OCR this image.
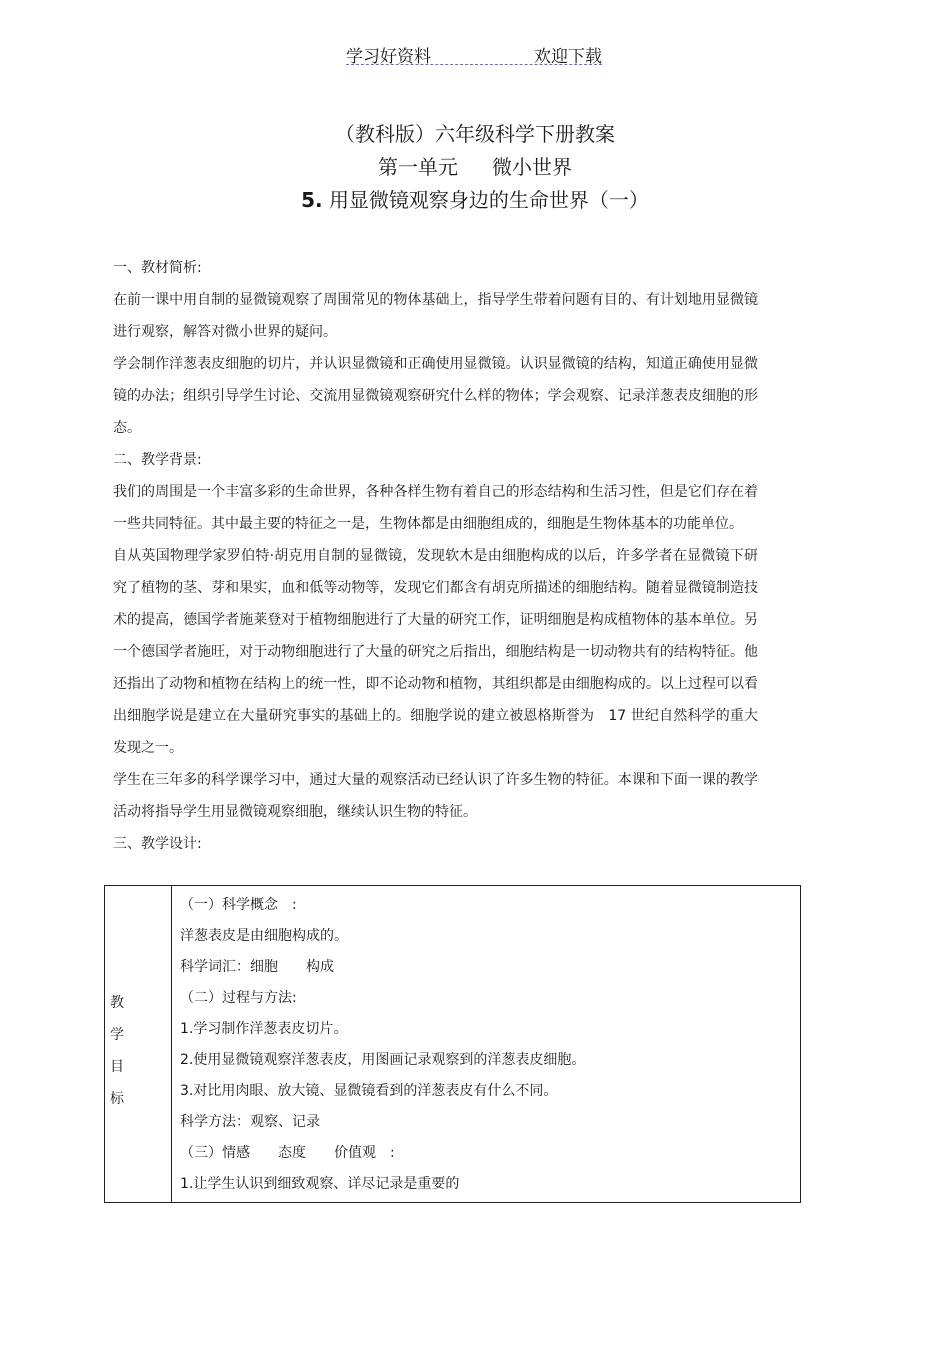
学习好资料	欢迎下载
（教科版）六年级科学下册教案
第一单元 微小世界
5. 用显微镜观察身边的生命世界（一）

一、教材简析:

在前一课中用自制的显微镜观察了周围常见的物体基础上，指导学生带着问题有目的、有计划地用显微镜进行观察，解答对微小世界的疑问。

学会制作洋葱表皮细胞的切片，并认识显微镜和正确使用显微镜。认识显微镜的结构，知道正确使用显微镜的办法；组织引导学生讨论、交流用显微镜观察研究什么样的物体；学会观察、记录洋葱表皮细胞的形态。

二、教学背景:

我们的周围是一个丰富多彩的生命世界，各种各样生物有着自己的形态结构和生活习性，但是它们存在着一些共同特征。其中最主要的特征之一是，生物体都是由细胞组成的，细胞是生物体基本的功能单位。

自从英国物理学家罗伯特·胡克用自制的显微镜，发现软木是由细胞构成的以后，许多学者在显微镜下研究了植物的茎、芽和果实，血和低等动物等，发现它们都含有胡克所描述的细胞结构。随着显微镜制造技术的提高，德国学者施莱登对于植物细胞进行了大量的研究工作，证明细胞是构成植物体的基本单位。另一个德国学者施旺，对于动物细胞进行了大量的研究之后指出，细胞结构是一切动物共有的结构特征。他还指出了动物和植物在结构上的统一性，即不论动物和植物，其组织都是由细胞构成的。以上过程可以看出细胞学说是建立在大量研究事实的基础上的。细胞学说的建立被恩格斯誉为　17 世纪自然科学的重大发现之一。

学生在三年多的科学课学习中，通过大量的观察活动已经认识了许多生物的特征。本课和下面一课的教学活动将指导学生用显微镜观察细胞，继续认识生物的特征。

三、教学设计:

教
学
目
标
（一）科学概念　:
洋葱表皮是由细胞构成的。
科学词汇：细胞　　构成
（二）过程与方法:
1.学习制作洋葱表皮切片。
2.使用显微镜观察洋葱表皮，用图画记录观察到的洋葱表皮细胞。
3.对比用肉眼、放大镜、显微镜看到的洋葱表皮有什么不同。
科学方法：观察、记录
（三）情感　　态度　　价值观　:
1.让学生认识到细致观察、详尽记录是重要的
